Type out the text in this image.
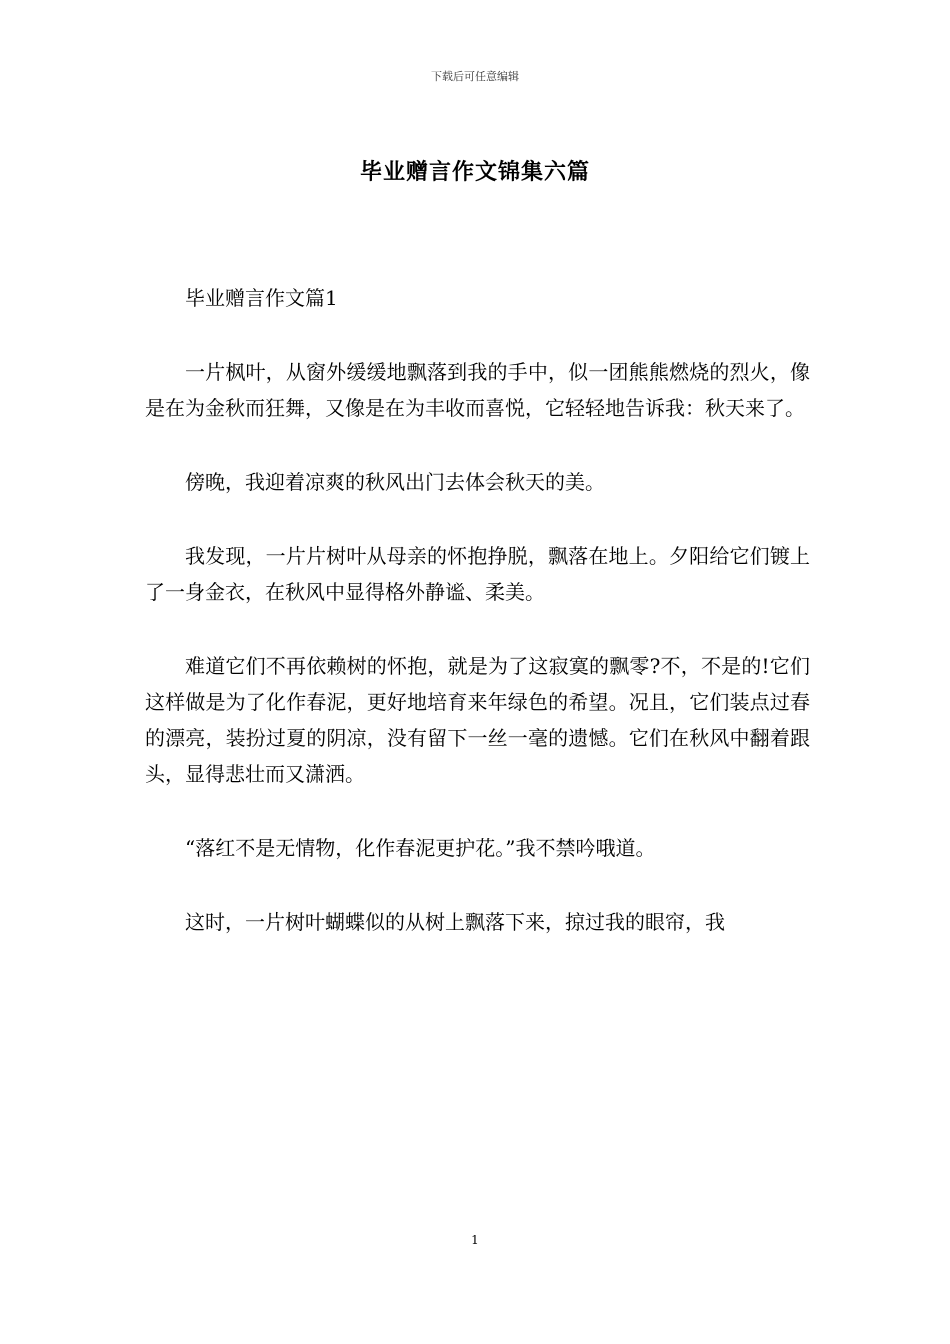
下载后可任意编辑
毕业赠言作文锦集六篇

毕业赠言作文篇1

一片枫叶，从窗外缓缓地飘落到我的手中，似一团熊熊燃烧的烈火，像是在为金秋而狂舞，又像是在为丰收而喜悦，它轻轻地告诉我：秋天来了。

傍晚，我迎着凉爽的秋风出门去体会秋天的美。

我发现，一片片树叶从母亲的怀抱挣脱，飘落在地上。夕阳给它们镀上了一身金衣，在秋风中显得格外静谧、柔美。

难道它们不再依赖树的怀抱，就是为了这寂寞的飘零?不，不是的!它们这样做是为了化作春泥，更好地培育来年绿色的希望。况且，它们装点过春的漂亮，装扮过夏的阴凉，没有留下一丝一毫的遗憾。它们在秋风中翻着跟头，显得悲壮而又潇洒。

“落红不是无情物，化作春泥更护花。”我不禁吟哦道。

这时，一片树叶蝴蝶似的从树上飘落下来，掠过我的眼帘，我

1
